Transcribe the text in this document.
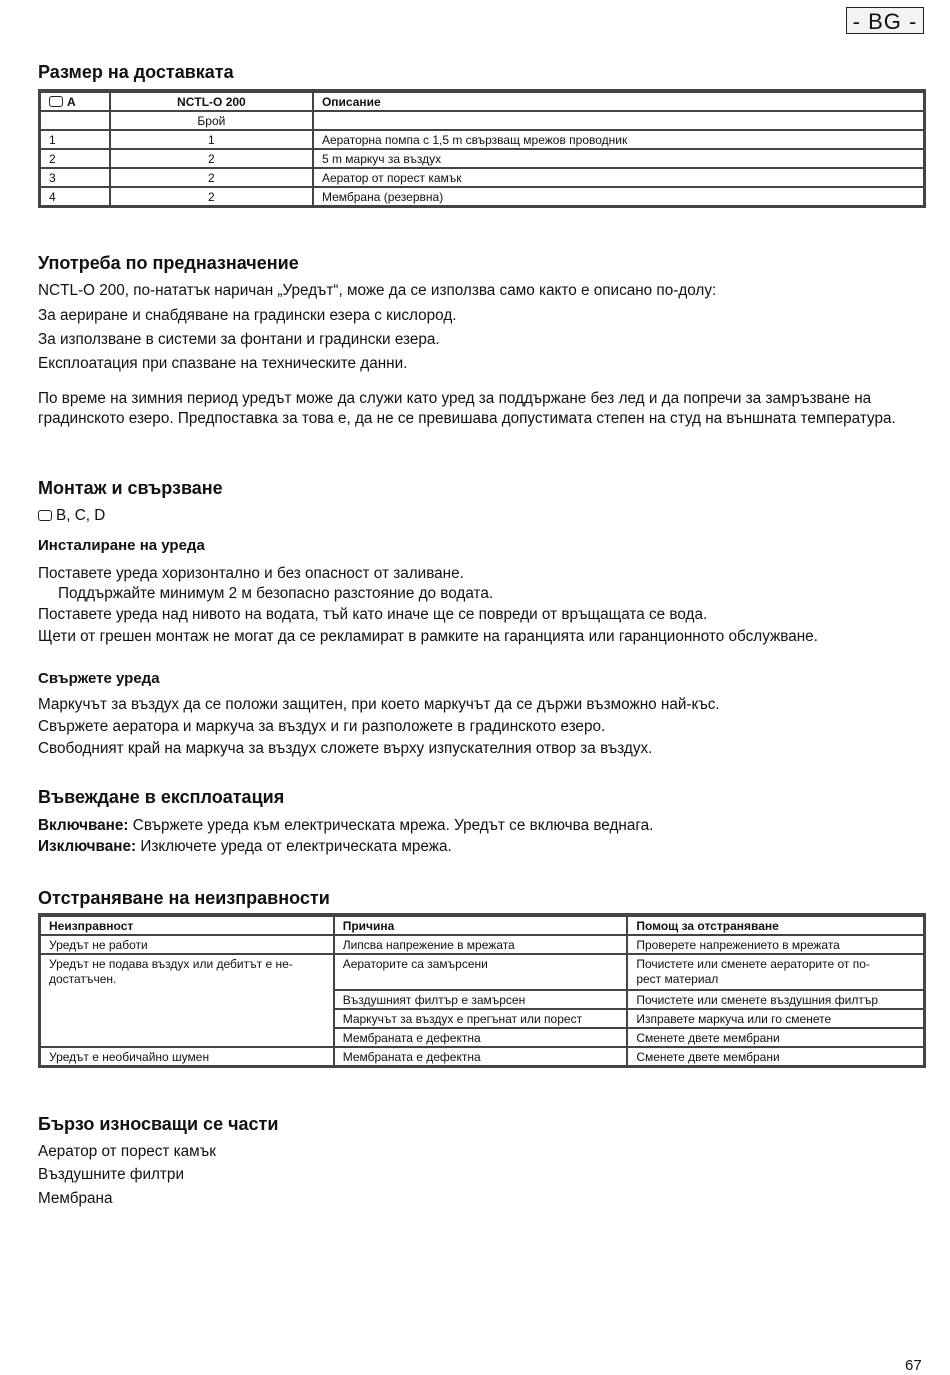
- BG -
Размер на доставката
A	NCTL-O 200	Описание
	Брой	
1	1	Aераторна помпа с 1,5 m свързващ мрежов проводник
2	2	5 m маркуч за въздух
3	2	Аератор от порест камък
4	2	Мембрана (резервна)
Употреба по предназначение

NCTL-O 200, по-нататък наричан „Уредът“, може да се използва само както е описано по-долу:

За аериране и снабдяване на градински езера с кислород.

За използване в системи за фонтани и градински езера.

Експлоатация при спазване на техническите данни.

По време на зимния период уредът може да служи като уред за поддържане без лед и да попречи за замръзване на градинското езеро. Предпоставка за това е, да не се превишава допустимата степен на студ на външната температура.

Монтаж и свързване

B, C, D

Инсталиране на уреда

Поставете уреда хоризонтално и без опасност от заливане.

Поддържайте минимум 2 м безопасно разстояние до водата.

Поставете уреда над нивото на водата, тъй като иначе ще се повреди от връщащата се вода.

Щети от грешен монтаж не могат да се рекламират в рамките на гаранцията или гаранционното обслужване.

Свържете уреда

Маркучът за въздух да се положи защитен, при което маркучът да се държи възможно най-къс.

Свържете аератора и маркуча за въздух и ги разположете в градинското езеро.

Свободният край на маркуча за въздух сложете върху изпускателния отвор за въздух.

Въвеждане в експлоатация

Включване: Свържете уреда към електрическата мрежа. Уредът се включва веднага.

Изключване: Изключете уреда от електрическата мрежа.

Отстраняване на неизправности
Неизправност	Причина	Помощ за отстраняване
Уредът не работи	Липсва напрежение в мрежата	Проверете напрежението в мрежата
Уредът не подава въздух или дебитът е не-
достатъчен.	Аераторите са замърсени	Почистете или сменете аераторите от по-
рест материал
	Въздушният филтър е замърсен	Почистете или сменете въздушния филтър
	Маркучът за въздух е прегънат или порест	Изправете маркуча или го сменете
	Мембраната е дефектна	Сменете двете мембрани
Уредът е необичайно шумен	Мембраната е дефектна	Сменете двете мембрани
Бързо износващи се части

Аератор от порест камък

Въздушните филтри

Мембрана

67
